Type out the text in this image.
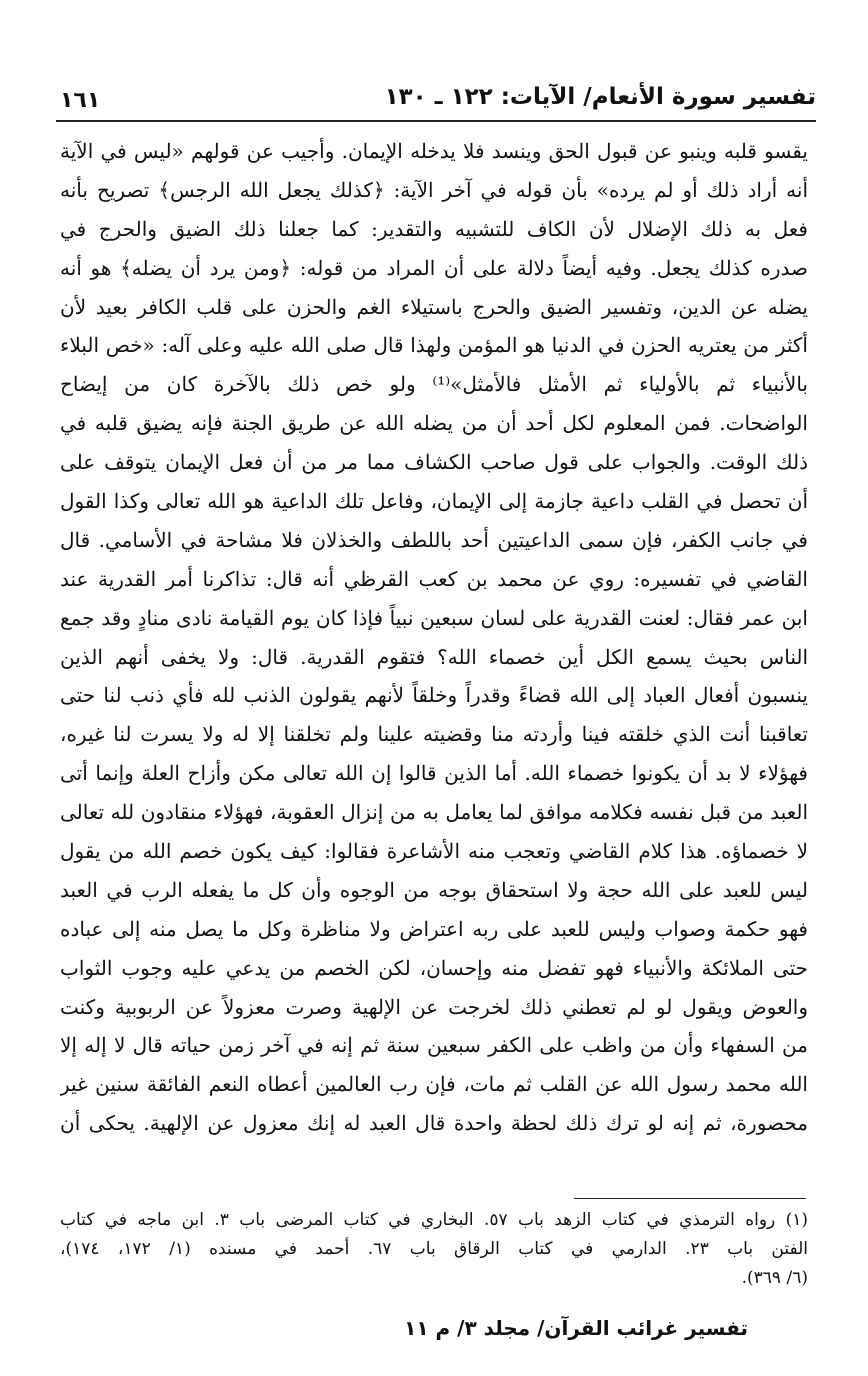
تفسير سورة الأنعام/ الآيات: ١٢٢ ـ ١٣٠
١٦١
يقسو قلبه وينبو عن قبول الحق وينسد فلا يدخله الإيمان. وأجيب عن قولهم «ليس في الآية
أنه أراد ذلك أو لم يرده» بأن قوله في آخر الآية: ﴿كذلك يجعل الله الرجس﴾ تصريح بأنه
فعل به ذلك الإضلال لأن الكاف للتشبيه والتقدير: كما جعلنا ذلك الضيق والحرج في
صدره كذلك يجعل. وفيه أيضاً دلالة على أن المراد من قوله: ﴿ومن يرد أن يضله﴾ هو أنه
يضله عن الدين، وتفسير الضيق والحرج باستيلاء الغم والحزن على قلب الكافر بعيد لأن
أكثر من يعتريه الحزن في الدنيا هو المؤمن ولهذا قال صلى الله عليه وعلى آله: «خص البلاء
بالأنبياء ثم بالأولياء ثم الأمثل فالأمثل»⁽¹⁾ ولو خص ذلك بالآخرة كان من إيضاح
الواضحات. فمن المعلوم لكل أحد أن من يضله الله عن طريق الجنة فإنه يضيق قلبه في
ذلك الوقت. والجواب على قول صاحب الكشاف مما مر من أن فعل الإيمان يتوقف على
أن تحصل في القلب داعية جازمة إلى الإيمان، وفاعل تلك الداعية هو الله تعالى وكذا القول
في جانب الكفر، فإن سمى الداعيتين أحد باللطف والخذلان فلا مشاحة في الأسامي. قال
القاضي في تفسيره: روي عن محمد بن كعب القرظي أنه قال: تذاكرنا أمر القدرية عند
ابن عمر فقال: لعنت القدرية على لسان سبعين نبياً فإذا كان يوم القيامة نادى منادٍ وقد جمع
الناس بحيث يسمع الكل أين خصماء الله؟ فتقوم القدرية. قال: ولا يخفى أنهم الذين
ينسبون أفعال العباد إلى الله قضاءً وقدراً وخلقاً لأنهم يقولون الذنب لله فأي ذنب لنا حتى
تعاقبنا أنت الذي خلقته فينا وأردته منا وقضيته علينا ولم تخلقنا إلا له ولا يسرت لنا غيره،
فهؤلاء لا بد أن يكونوا خصماء الله. أما الذين قالوا إن الله تعالى مكن وأزاح العلة وإنما أتى
العبد من قبل نفسه فكلامه موافق لما يعامل به من إنزال العقوبة، فهؤلاء منقادون لله تعالى
لا خصماؤه. هذا كلام القاضي وتعجب منه الأشاعرة فقالوا: كيف يكون خصم الله من يقول
ليس للعبد على الله حجة ولا استحقاق بوجه من الوجوه وأن كل ما يفعله الرب في العبد
فهو حكمة وصواب وليس للعبد على ربه اعتراض ولا مناظرة وكل ما يصل منه إلى عباده
حتى الملائكة والأنبياء فهو تفضل منه وإحسان، لكن الخصم من يدعي عليه وجوب الثواب
والعوض ويقول لو لم تعطني ذلك لخرجت عن الإلهية وصرت معزولاً عن الربوبية وكنت
من السفهاء وأن من واظب على الكفر سبعين سنة ثم إنه في آخر زمن حياته قال لا إله إلا
الله محمد رسول الله عن القلب ثم مات، فإن رب العالمين أعطاه النعم الفائقة سنين غير
محصورة، ثم إنه لو ترك ذلك لحظة واحدة قال العبد له إنك معزول عن الإلهية. يحكى أن
(١) رواه الترمذي في كتاب الزهد باب ٥٧. البخاري في كتاب المرضى باب ٣. ابن ماجه في كتاب
الفتن باب ٢٣. الدارمي في كتاب الرقاق باب ٦٧. أحمد في مسنده (١/ ١٧٢، ١٧٤)،
(٦/ ٣٦٩).
تفسير غرائب القرآن/ مجلد ٣/ م ١١
